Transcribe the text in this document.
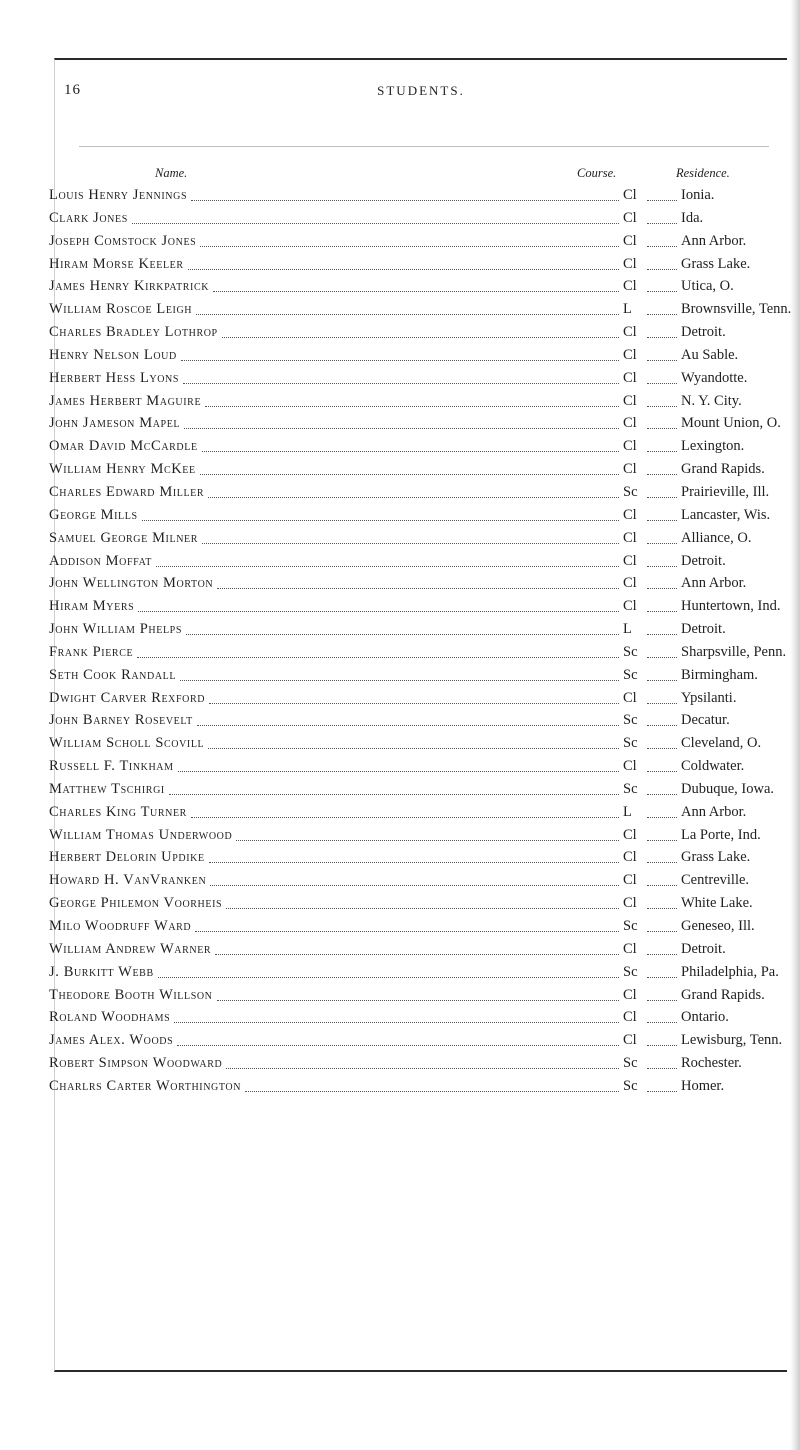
16	STUDENTS.
Name.	Course.	Residence.
Louis Henry Jennings	Cl	Ionia.
Clark Jones	Cl	Ida.
Joseph Comstock Jones	Cl	Ann Arbor.
Hiram Morse Keeler	Cl	Grass Lake.
James Henry Kirkpatrick	Cl	Utica, O.
William Roscoe Leigh	L	Brownsville, Tenn.
Charles Bradley Lothrop	Cl	Detroit.
Henry Nelson Loud	Cl	Au Sable.
Herbert Hess Lyons	Cl	Wyandotte.
James Herbert Maguire	Cl	N. Y. City.
John Jameson Mapel	Cl	Mount Union, O.
Omar David McCardle	Cl	Lexington.
William Henry McKee	Cl	Grand Rapids.
Charles Edward Miller	Sc	Prairieville, Ill.
George Mills	Cl	Lancaster, Wis.
Samuel George Milner	Cl	Alliance, O.
Addison Moffat	Cl	Detroit.
John Wellington Morton	Cl	Ann Arbor.
Hiram Myers	Cl	Huntertown, Ind.
John William Phelps	L	Detroit.
Frank Pierce	Sc	Sharpsville, Penn.
Seth Cook Randall	Sc	Birmingham.
Dwight Carver Rexford	Cl	Ypsilanti.
John Barney Rosevelt	Sc	Decatur.
William Scholl Scovill	Sc	Cleveland, O.
Russell F. Tinkham	Cl	Coldwater.
Matthew Tschirgi	Sc	Dubuque, Iowa.
Charles King Turner	L	Ann Arbor.
William Thomas Underwood	Cl	La Porte, Ind.
Herbert Delorin Updike	Cl	Grass Lake.
Howard H. VanVranken	Cl	Centreville.
George Philemon Voorheis	Cl	White Lake.
Milo Woodruff Ward	Sc	Geneseo, Ill.
William Andrew Warner	Cl	Detroit.
J. Burkitt Webb	Sc	Philadelphia, Pa.
Theodore Booth Willson	Cl	Grand Rapids.
Roland Woodhams	Cl	Ontario.
James Alex. Woods	Cl	Lewisburg, Tenn.
Robert Simpson Woodward	Sc	Rochester.
Charlrs Carter Worthington	Sc	Homer.
